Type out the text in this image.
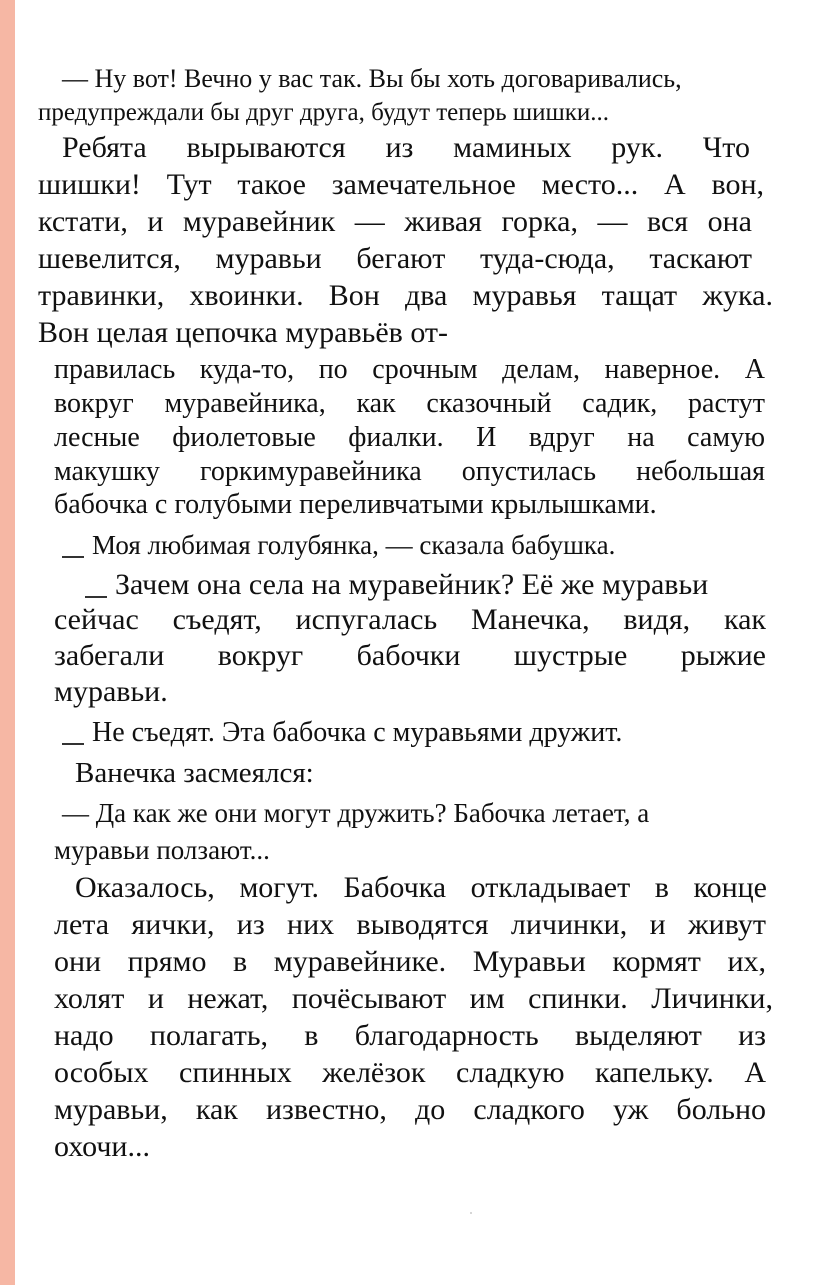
— Ну вот! Вечно у вас так. Вы бы хоть договаривались,
предупреждали бы друг друга, будут теперь шишки...
Ребята вырываются из маминых рук. Что
шишки! Тут такое замечательное место... А вон,
кстати, и муравейник — живая горка, — вся она
шевелится, муравьи бегают туда-сюда, таскают
травинки, хвоинки. Вон два муравья тащат жука.
Вон целая цепочка муравьёв от-
правилась куда-то, по срочным делам, наверное. А
вокруг муравейника, как сказочный садик, растут
лесные фиолетовые фиалки. И вдруг на самую
макушку горкимуравейника опустилась небольшая
бабочка с голубыми переливчатыми крылышками.
Моя любимая голубянка, — сказала бабушка.
Зачем она села на муравейник? Её же муравьи
сейчас съедят, испугалась Манечка, видя, как
забегали вокруг бабочки шустрые рыжие
муравьи.
Не съедят. Эта бабочка с муравьями дружит.
Ванечка засмеялся:
— Да как же они могут дружить? Бабочка летает, а
муравьи ползают...
Оказалось, могут. Бабочка откладывает в конце
лета яички, из них выводятся личинки, и живут
они прямо в муравейнике. Муравьи кормят их,
холят и нежат, почёсывают им спинки. Личинки,
надо полагать, в благодарность выделяют из
особых спинных желёзок сладкую капельку. А
муравьи, как известно, до сладкого уж больно
охочи...
